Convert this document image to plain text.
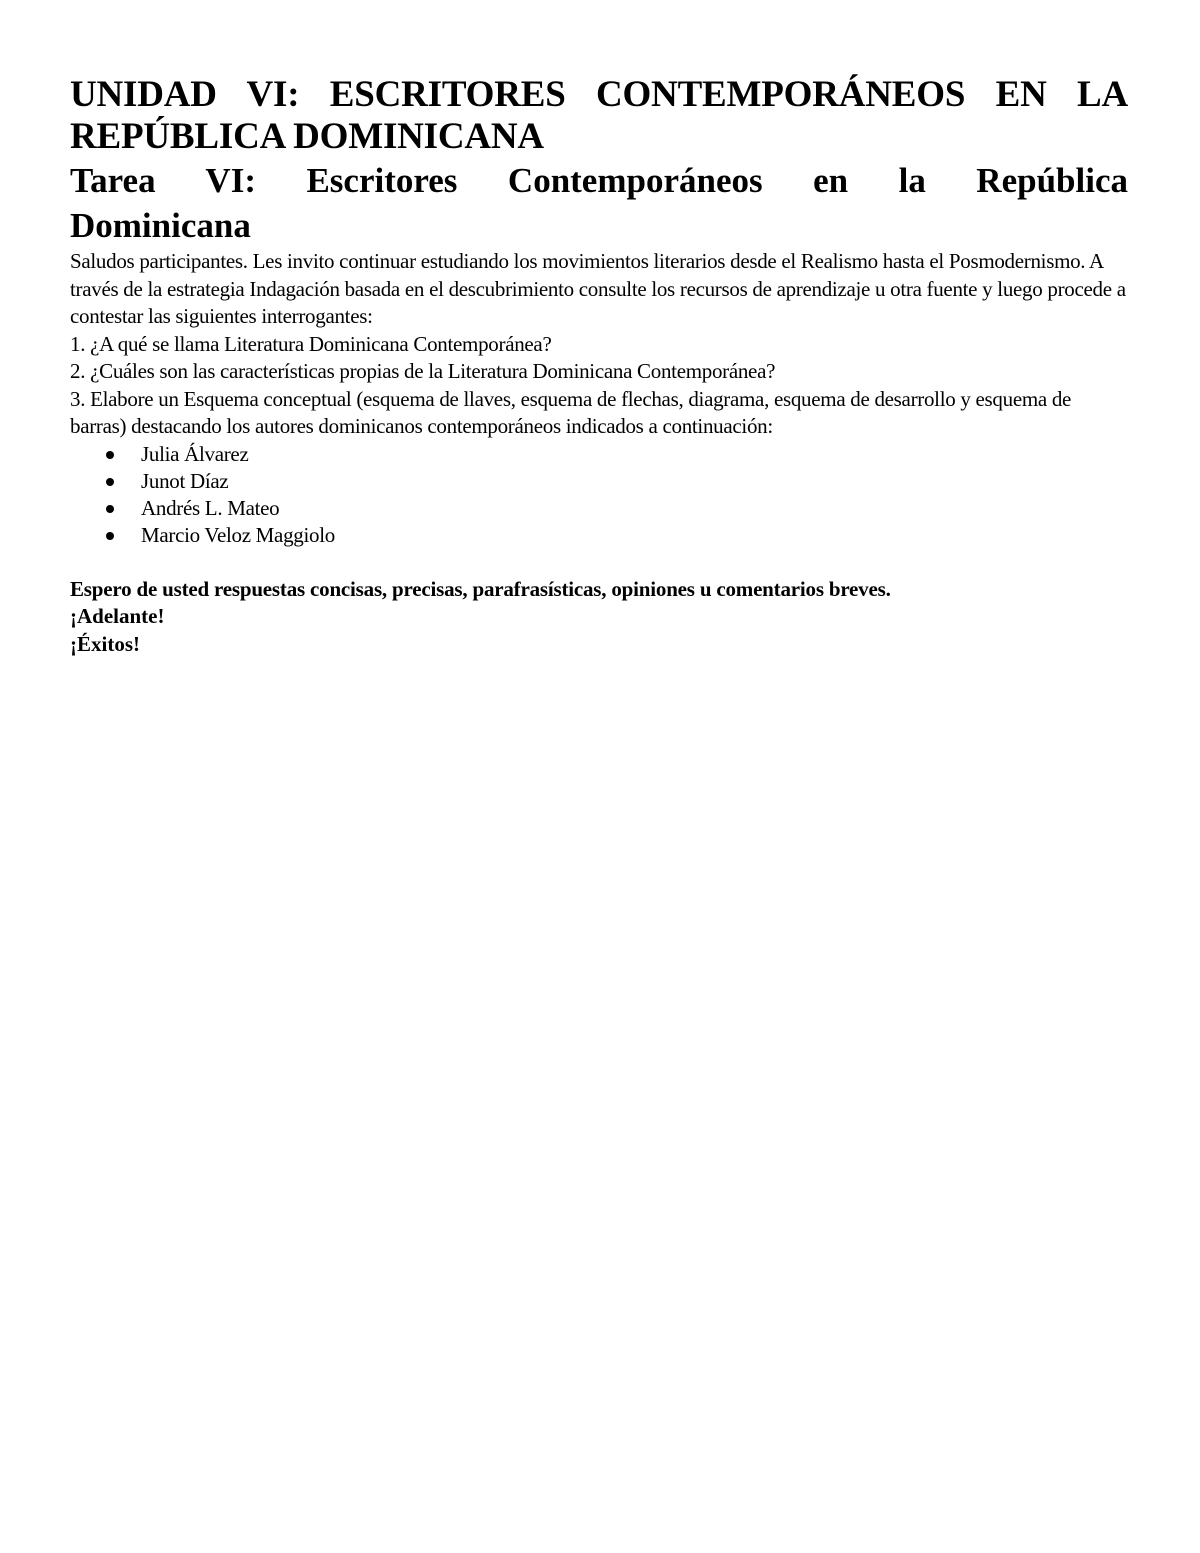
UNIDAD VI: ESCRITORES CONTEMPORÁNEOS EN LA REPÚBLICA DOMINICANA
Tarea VI: Escritores Contemporáneos en la República
Dominicana

Saludos participantes. Les invito continuar estudiando los movimientos literarios desde el Realismo hasta el Posmodernismo. A través de la estrategia Indagación basada en el descubrimiento consulte los recursos de aprendizaje u otra fuente y luego procede a contestar las siguientes interrogantes:

1. ¿A qué se llama Literatura Dominicana Contemporánea?
2. ¿Cuáles son las características propias de la Literatura Dominicana Contemporánea?
3. Elabore un Esquema conceptual (esquema de llaves, esquema de flechas, diagrama, esquema de desarrollo y esquema de barras) destacando los autores dominicanos contemporáneos indicados a continuación:
Julia Álvarez
Junot Díaz
Andrés L. Mateo
Marcio Veloz Maggiolo

Espero de usted respuestas concisas, precisas, parafrasísticas, opiniones u comentarios breves.

¡Adelante!

¡Éxitos!
